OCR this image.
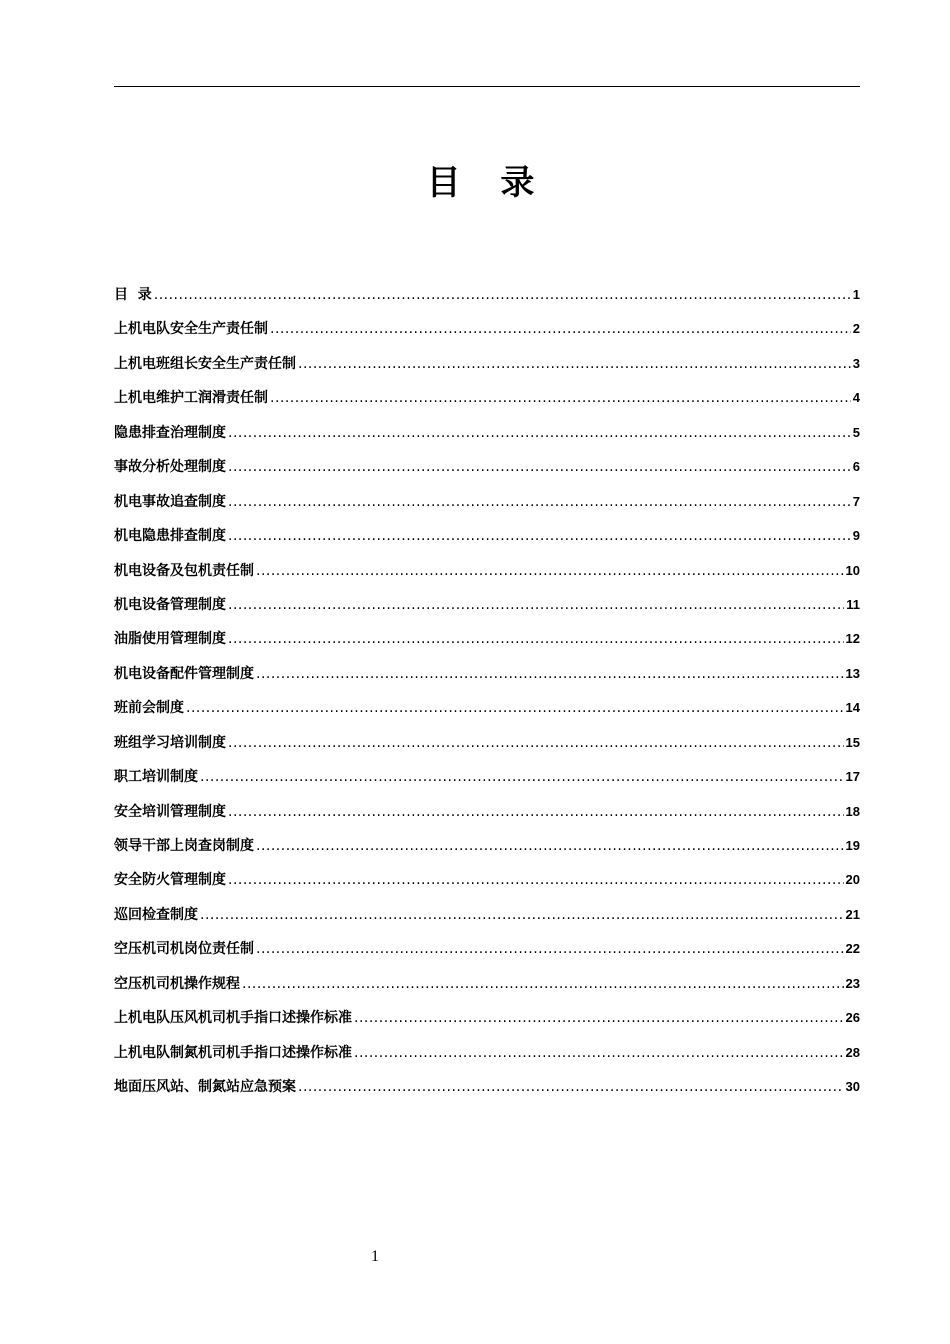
目 录
目  录 .....	1
上机电队安全生产责任制 .....	2
上机电班组长安全生产责任制 .....	3
上机电维护工润滑责任制 .....	4
隐患排查治理制度 .....	5
事故分析处理制度 .....	6
机电事故追查制度 .....	7
机电隐患排查制度 .....	9
机电设备及包机责任制 .....	10
机电设备管理制度 .....	11
油脂使用管理制度 .....	12
机电设备配件管理制度 .....	13
班前会制度 .....	14
班组学习培训制度 .....	15
职工培训制度 .....	17
安全培训管理制度 .....	18
领导干部上岗查岗制度 .....	19
安全防火管理制度 .....	20
巡回检查制度 .....	21
空压机司机岗位责任制 .....	22
空压机司机操作规程 .....	23
上机电队压风机司机手指口述操作标准 .....	26
上机电队制氮机司机手指口述操作标准 .....	28
地面压风站、制氮站应急预案 .....	30
1
